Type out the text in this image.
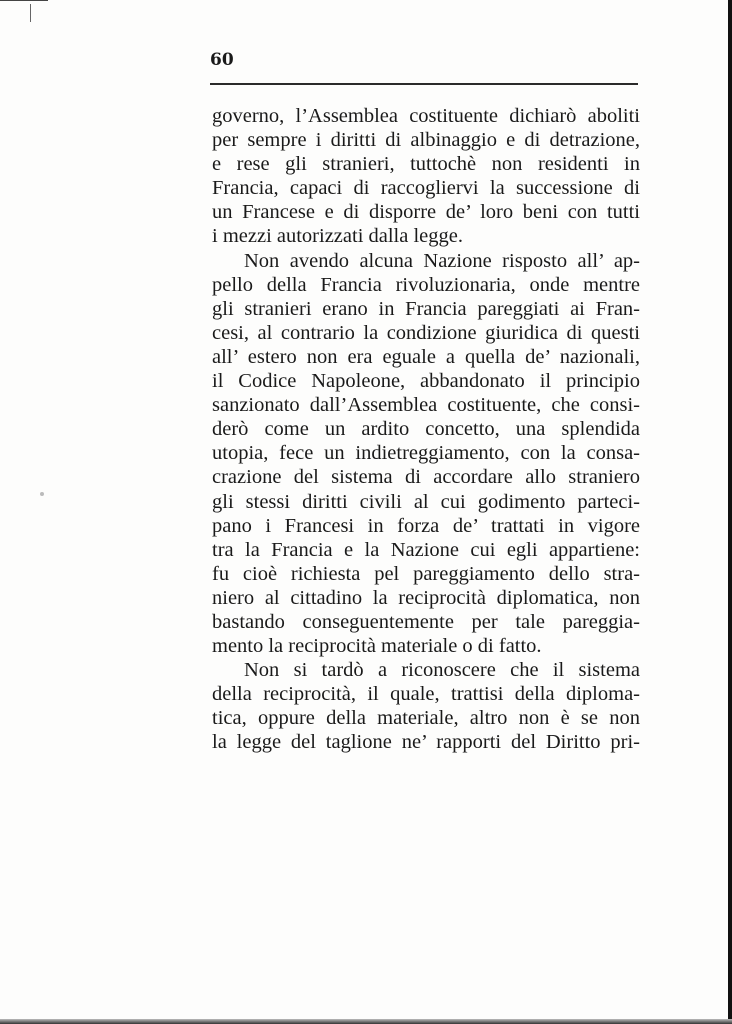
60
governo, l’Assemblea costituente dichiarò aboliti
per sempre i diritti di albinaggio e di detrazione,
e rese gli stranieri, tuttochè non residenti in
Francia, capaci di raccogliervi la successione di
un Francese e di disporre de’ loro beni con tutti
i mezzi autorizzati dalla legge.
Non avendo alcuna Nazione risposto all’ ap-
pello della Francia rivoluzionaria, onde mentre
gli stranieri erano in Francia pareggiati ai Fran-
cesi, al contrario la condizione giuridica di questi
all’ estero non era eguale a quella de’ nazionali,
il Codice Napoleone, abbandonato il principio
sanzionato dall’Assemblea costituente, che consi-
derò come un ardito concetto, una splendida
utopia, fece un indietreggiamento, con la consa-
crazione del sistema di accordare allo straniero
gli stessi diritti civili al cui godimento parteci-
pano i Francesi in forza de’ trattati in vigore
tra la Francia e la Nazione cui egli appartiene:
fu cioè richiesta pel pareggiamento dello stra-
niero al cittadino la reciprocità diplomatica, non
bastando conseguentemente per tale pareggia-
mento la reciprocità materiale o di fatto.
Non si tardò a riconoscere che il sistema
della reciprocità, il quale, trattisi della diploma-
tica, oppure della materiale, altro non è se non
la legge del taglione ne’ rapporti del Diritto pri-
